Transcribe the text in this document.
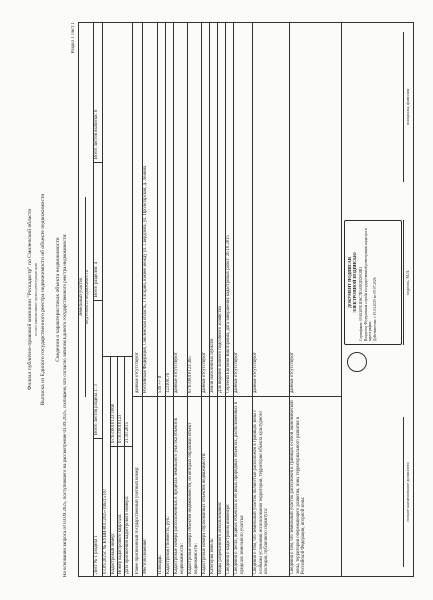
Филиал публично-правовой компании "Роскадастр" по Смоленской области полное наименование органа регистрации прав Выписка из Единого государственного реестра недвижимости об объекте недвижимости Сведения о характеристиках объекта недвижимости На основании запроса от 03.09.2025, поступившего на рассмотрение 03.09.2025, сообщаем, что согласно записям Единого государственного реестра недвижимости:
Раздел 1 Лист 1
Земельный участок вид объекта недвижимости
Лист № 1 раздела 1
Всего листов раздела 1: 3
Всего разделов: 4
Всего листов выписки: 6
03.09.2025г. № КУВИ-001/2025-166215107 Кадастровый номер:
67:03:0010123:1060
Номер кадастрового квартала:
67:03:0010123
Дата присвоения кадастрового номера:
21.10.2015
Ранее присвоенный государственный учетный номер:
данные отсутствуют
Местоположение:
Российская Федерация, Смоленская область, г Гагарин, южнее между ул. Свердлова, ул. Пролетарская, д. Ленина
Площадь:
539 +/- 8
Кадастровая стоимость, руб.:
123100.76
Кадастровые номера расположенных в пределах земельного участка объектов недвижимости:
данные отсутствуют
Кадастровые номера объектов недвижимости, из которых образован объект недвижимости:
67:03:0010123:365
Кадастровые номера образованных объектов недвижимости:
данные отсутствуют
Категория земель:
Земли населенных пунктов
Виды разрешенного использования:
Для ведения личного подсобного хозяйства
Сведения о кадастровом инженере:
Сергеева Евгения Викторовна, дата завершения кадастровых работ: 20.10.2015
Сведения о лесах, водных объектах и об иных природных объектах, расположенных в пределах земельного участка:
данные отсутствуют
Сведения о том, что земельный участок полностью расположен в границах зоны с особыми условиями использования территории, территории объекта культурного наследия, публичного сервитута:
данные отсутствуют
Сведения о том, что земельный участок расположен в границах особой экономической зоны, территории опережающего развития, зоны территориального развития в Российской Федерации, игорной зоны:
данные отсутствуют
ДОКУМЕНТ ПОДПИСАН ЭЛЕКТРОННОЙ ПОДПИСЬЮ Сертификат: 00АЕ4F5E1D6C7B3A9F2ED0C8B1 Владелец: Федеральная служба государственной регистрации, кадастра и картографии Действителен: с 15.04.2025 по 09.07.2026
полное наименование должности
подпись, М.П.
инициалы, фамилия
